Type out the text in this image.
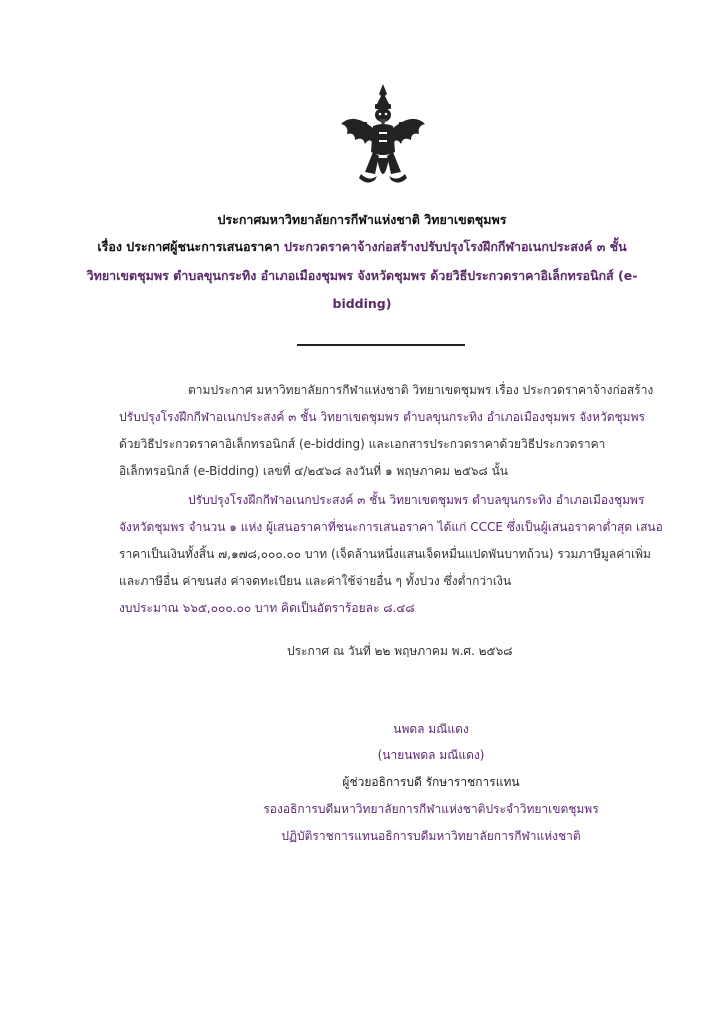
ประกาศมหาวิทยาลัยการกีฬาแห่งชาติ วิทยาเขตชุมพร
เรื่อง ประกาศผู้ชนะการเสนอราคา ประกวดราคาจ้างก่อสร้างปรับปรุงโรงฝึกกีฬาอเนกประสงค์ ๓ ชั้น
วิทยาเขตชุมพร ตำบลขุนกระทิง อำเภอเมืองชุมพร จังหวัดชุมพร ด้วยวิธีประกวดราคาอิเล็กทรอนิกส์ (e-
bidding)
ตามประกาศ มหาวิทยาลัยการกีฬาแห่งชาติ วิทยาเขตชุมพร เรื่อง ประกวดราคาจ้างก่อสร้าง
ปรับปรุงโรงฝึกกีฬาอเนกประสงค์ ๓ ชั้น วิทยาเขตชุมพร ตำบลขุนกระทิง อำเภอเมืองชุมพร จังหวัดชุมพร
ด้วยวิธีประกวดราคาอิเล็กทรอนิกส์ (e-bidding) และเอกสารประกวดราคาด้วยวิธีประกวดราคา
อิเล็กทรอนิกส์ (e-Bidding) เลขที่ ๔/๒๕๖๘ ลงวันที่ ๑ พฤษภาคม ๒๕๖๘ นั้น
ปรับปรุงโรงฝึกกีฬาอเนกประสงค์ ๓ ชั้น วิทยาเขตชุมพร ตำบลขุนกระทิง อำเภอเมืองชุมพร
จังหวัดชุมพร จำนวน ๑ แห่ง ผู้เสนอราคาที่ชนะการเสนอราคา ได้แก่ CCCE ซึ่งเป็นผู้เสนอราคาต่ำสุด เสนอ
ราคาเป็นเงินทั้งสิ้น ๗,๑๗๘,๐๐๐.๐๐ บาท (เจ็ดล้านหนึ่งแสนเจ็ดหมื่นแปดพันบาทถ้วน) รวมภาษีมูลค่าเพิ่ม
และภาษีอื่น ค่าขนส่ง ค่าจดทะเบียน และค่าใช้จ่ายอื่น ๆ ทั้งปวง ซึ่งต่ำกว่าเงิน
งบประมาณ ๖๖๕,๐๐๐.๐๐ บาท คิดเป็นอัตราร้อยละ ๘.๔๘
ประกาศ ณ วันที่ ๒๒ พฤษภาคม พ.ศ. ๒๕๖๘
นพดล มณีแดง
(นายนพดล มณีแดง)
ผู้ช่วยอธิการบดี รักษาราชการแทน
รองอธิการบดีมหาวิทยาลัยการกีฬาแห่งชาติประจำวิทยาเขตชุมพร
ปฏิบัติราชการแทนอธิการบดีมหาวิทยาลัยการกีฬาแห่งชาติ
